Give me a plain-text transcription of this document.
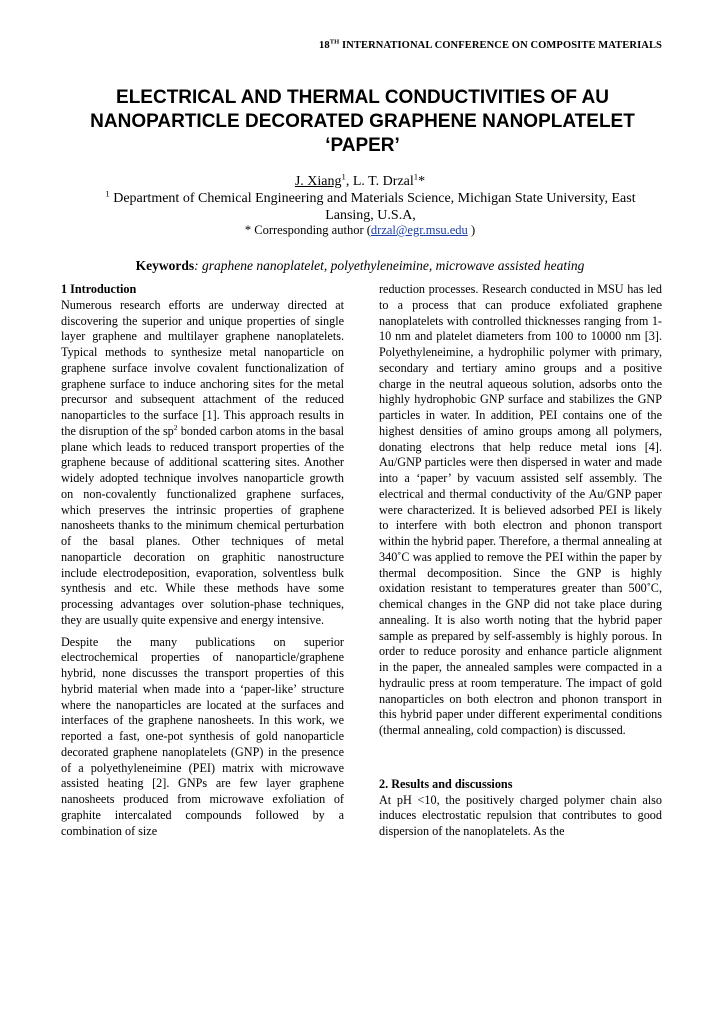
18TH INTERNATIONAL CONFERENCE ON COMPOSITE MATERIALS
ELECTRICAL AND THERMAL CONDUCTIVITIES OF AU NANOPARTICLE DECORATED GRAPHENE NANOPLATELET ‘PAPER’
J. Xiang$^1$, L. T. Drzal$^1$*
$^1$ Department of Chemical Engineering and Materials Science, Michigan State University, East Lansing, U.S.A,
* Corresponding author (drzal@egr.msu.edu )
Keywords: graphene nanoplatelet, polyethyleneimine, microwave assisted heating

1 Introduction

Numerous research efforts are underway directed at discovering the superior and unique properties of single layer graphene and multilayer graphene nanoplatelets. Typical methods to synthesize metal nanoparticle on graphene surface involve covalent functionalization of graphene surface to induce anchoring sites for the metal precursor and subsequent attachment of the reduced nanoparticles to the surface [1]. This approach results in the disruption of the $sp^2$ bonded carbon atoms in the basal plane which leads to reduced transport properties of the graphene because of additional scattering sites. Another widely adopted technique involves nanoparticle growth on non-covalently functionalized graphene surfaces, which preserves the intrinsic properties of graphene nanosheets thanks to the minimum chemical perturbation of the basal planes. Other techniques of metal nanoparticle decoration on graphitic nanostructure include electrodeposition, evaporation, solventless bulk synthesis and etc. While these methods have some processing advantages over solution-phase techniques, they are usually quite expensive and energy intensive.

Despite the many publications on superior electrochemical properties of nanoparticle/graphene hybrid, none discusses the transport properties of this hybrid material when made into a ‘paper-like’ structure where the nanoparticles are located at the surfaces and interfaces of the graphene nanosheets. In this work, we reported a fast, one-pot synthesis of gold nanoparticle decorated graphene nanoplatelets (GNP) in the presence of a polyethyleneimine (PEI) matrix with microwave assisted heating [2]. GNPs are few layer graphene nanosheets produced from microwave exfoliation of graphite intercalated compounds followed by a combination of size

reduction processes. Research conducted in MSU has led to a process that can produce exfoliated graphene nanoplatelets with controlled thicknesses ranging from 1-10 nm and platelet diameters from 100 to 10000 nm [3]. Polyethyleneimine, a hydrophilic polymer with primary, secondary and tertiary amino groups and a positive charge in the neutral aqueous solution, adsorbs onto the highly hydrophobic GNP surface and stabilizes the GNP particles in water. In addition, PEI contains one of the highest densities of amino groups among all polymers, donating electrons that help reduce metal ions [4]. Au/GNP particles were then dispersed in water and made into a ‘paper’ by vacuum assisted self assembly. The electrical and thermal conductivity of the Au/GNP paper were characterized. It is believed adsorbed PEI is likely to interfere with both electron and phonon transport within the hybrid paper. Therefore, a thermal annealing at 340˚C was applied to remove the PEI within the paper by thermal decomposition. Since the GNP is highly oxidation resistant to temperatures greater than 500˚C, chemical changes in the GNP did not take place during annealing. It is also worth noting that the hybrid paper sample as prepared by self-assembly is highly porous. In order to reduce porosity and enhance particle alignment in the paper, the annealed samples were compacted in a hydraulic press at room temperature. The impact of gold nanoparticles on both electron and phonon transport in this hybrid paper under different experimental conditions (thermal annealing, cold compaction) is discussed.

2. Results and discussions

At pH <10, the positively charged polymer chain also induces electrostatic repulsion that contributes to good dispersion of the nanoplatelets. As the
